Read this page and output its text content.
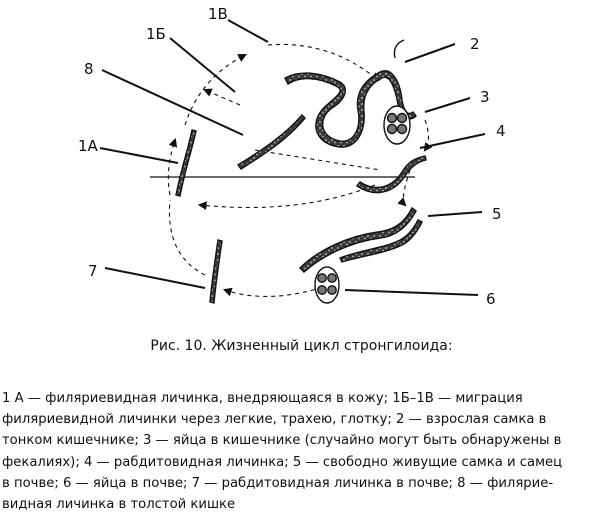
1А
1Б
1В
2
3
4
5
6
7
8
Рис. 10. Жизненный цикл стронгилоида:
1 А — филяриевидная личинка, внедряющаяся в кожу; 1Б–1В — миграция
филяриевидной личинки через легкие, трахею, глотку; 2 — взрослая самка в
тонком кишечнике; 3 — яйца в кишечнике (случайно могут быть обнаружены в
фекалиях); 4 — рабдитовидная личинка; 5 — свободно живущие самка и самец
в почве; 6 — яйца в почве; 7 — рабдитовидная личинка в почве; 8 — филярие-
видная личинка в толстой кишке
